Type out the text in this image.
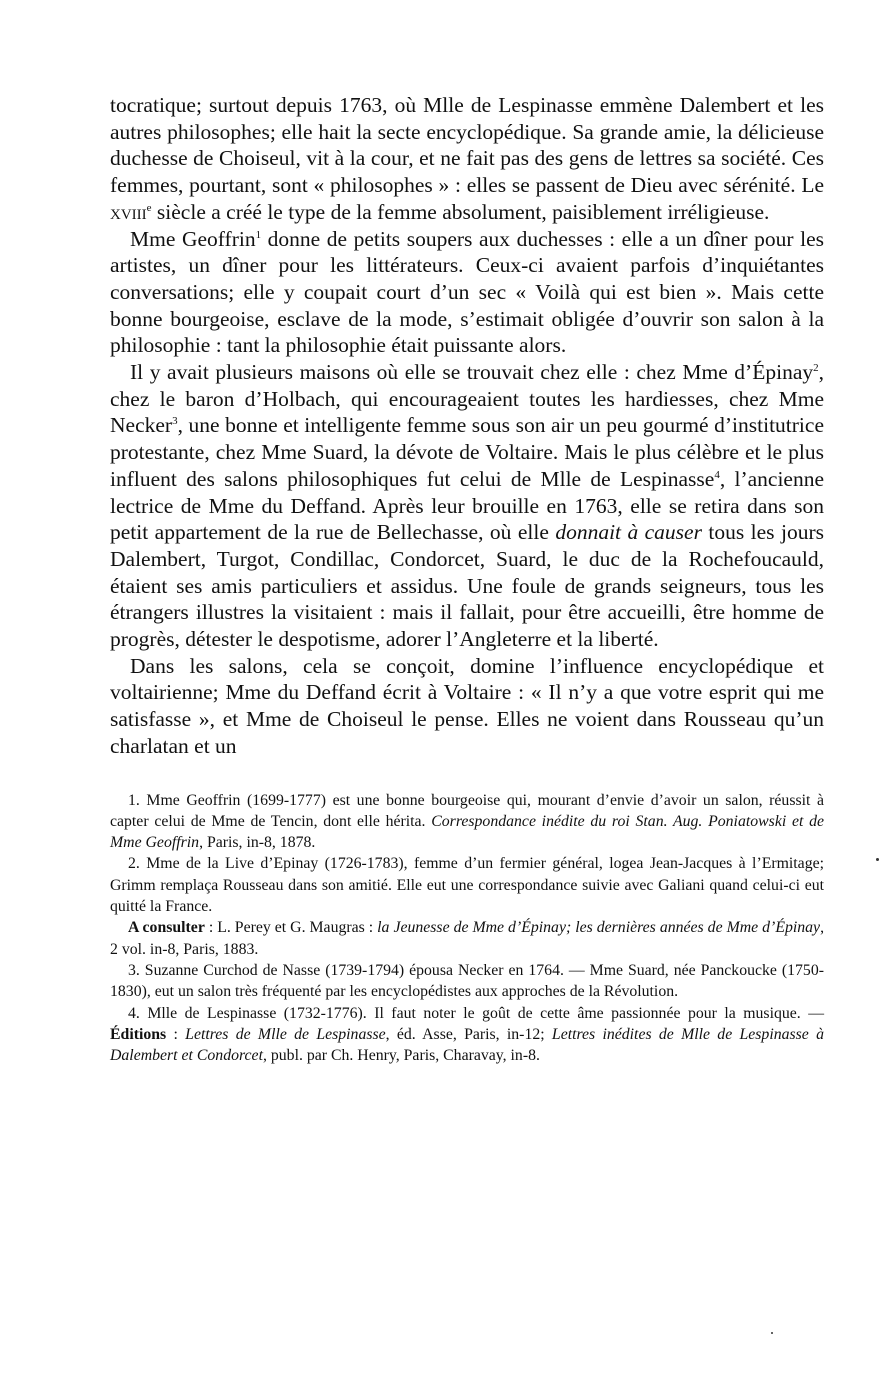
tocratique; surtout depuis 1763, où Mlle de Lespinasse emmène Dalembert et les autres philosophes; elle hait la secte encyclopédique. Sa grande amie, la délicieuse duchesse de Choiseul, vit à la cour, et ne fait pas des gens de lettres sa société. Ces femmes, pourtant, sont « philosophes » : elles se passent de Dieu avec sérénité. Le xviii$^e$ siècle a créé le type de la femme absolument, paisiblement irréligieuse.

Mme Geoffrin$^1$ donne de petits soupers aux duchesses : elle a un dîner pour les artistes, un dîner pour les littérateurs. Ceux-ci avaient parfois d’inquiétantes conversations; elle y coupait court d’un sec « Voilà qui est bien ». Mais cette bonne bourgeoise, esclave de la mode, s’estimait obligée d’ouvrir son salon à la philosophie : tant la philosophie était puissante alors.

Il y avait plusieurs maisons où elle se trouvait chez elle : chez Mme d’Épinay$^2$, chez le baron d’Holbach, qui encourageaient toutes les hardiesses, chez Mme Necker$^3$, une bonne et intelligente femme sous son air un peu gourmé d’institutrice protestante, chez Mme Suard, la dévote de Voltaire. Mais le plus célèbre et le plus influent des salons philosophiques fut celui de Mlle de Lespinasse$^4$, l’ancienne lectrice de Mme du Deffand. Après leur brouille en 1763, elle se retira dans son petit appartement de la rue de Bellechasse, où elle donnait à causer tous les jours Dalembert, Turgot, Condillac, Condorcet, Suard, le duc de la Rochefoucauld, étaient ses amis particuliers et assidus. Une foule de grands seigneurs, tous les étrangers illustres la visitaient : mais il fallait, pour être accueilli, être homme de progrès, détester le despotisme, adorer l’Angleterre et la liberté.

Dans les salons, cela se conçoit, domine l’influence encyclopédique et voltairienne; Mme du Deffand écrit à Voltaire : « Il n’y a que votre esprit qui me satisfasse », et Mme de Choiseul le pense. Elles ne voient dans Rousseau qu’un charlatan et un

1. Mme Geoffrin (1699-1777) est une bonne bourgeoise qui, mourant d’envie d’avoir un salon, réussit à capter celui de Mme de Tencin, dont elle hérita. Correspondance inédite du roi Stan. Aug. Poniatowski et de Mme Geoffrin, Paris, in-8, 1878.

2. Mme de la Live d’Epinay (1726-1783), femme d’un fermier général, logea Jean-Jacques à l’Ermitage; Grimm remplaça Rousseau dans son amitié. Elle eut une correspondance suivie avec Galiani quand celui-ci eut quitté la France.

A consulter : L. Perey et G. Maugras : la Jeunesse de Mme d’Épinay; les dernières années de Mme d’Épinay, 2 vol. in-8, Paris, 1883.

3. Suzanne Curchod de Nasse (1739-1794) épousa Necker en 1764. — Mme Suard, née Panckoucke (1750-1830), eut un salon très fréquenté par les encyclopédistes aux approches de la Révolution.

4. Mlle de Lespinasse (1732-1776). Il faut noter le goût de cette âme passionnée pour la musique. — Éditions : Lettres de Mlle de Lespinasse, éd. Asse, Paris, in-12; Lettres inédites de Mlle de Lespinasse à Dalembert et Condorcet, publ. par Ch. Henry, Paris, Charavay, in-8.
